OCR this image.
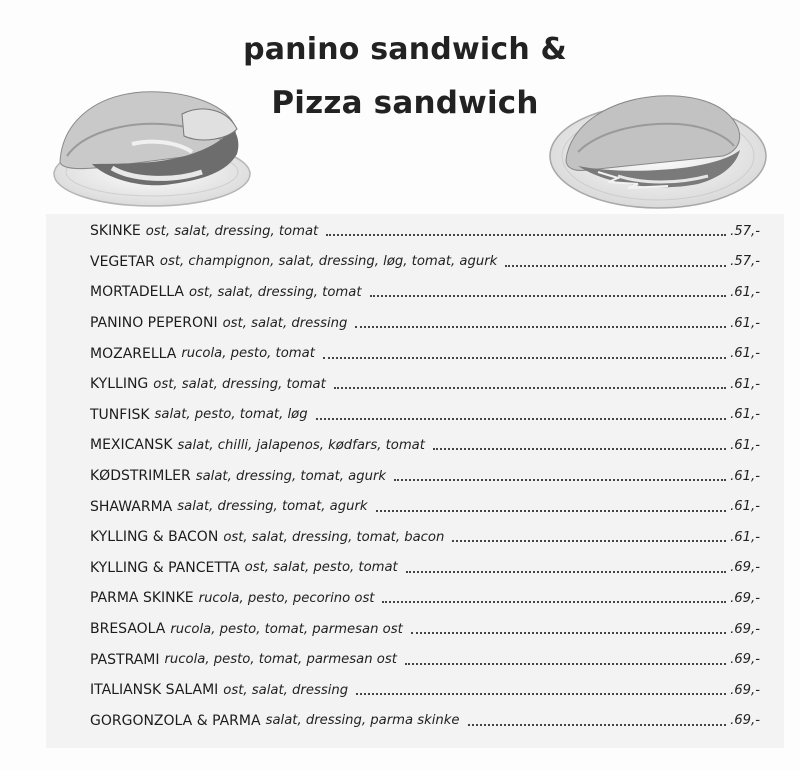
panino sandwich &
Pizza sandwich
SKINKE ost, salat, dressing, tomat	.57,-
VEGETAR ost, champignon, salat, dressing, løg, tomat, agurk	.57,-
MORTADELLA ost, salat, dressing, tomat	.61,-
PANINO PEPERONI ost, salat, dressing	.61,-
MOZARELLA rucola, pesto, tomat	.61,-
KYLLING ost, salat, dressing, tomat	.61,-
TUNFISK salat, pesto, tomat, løg	.61,-
MEXICANSK salat, chilli, jalapenos, kødfars, tomat	.61,-
KØDSTRIMLER salat, dressing, tomat, agurk	.61,-
SHAWARMA salat, dressing, tomat, agurk	.61,-
KYLLING & BACON ost, salat, dressing, tomat, bacon	.61,-
KYLLING & PANCETTA ost, salat, pesto, tomat	.69,-
PARMA SKINKE rucola, pesto, pecorino ost	.69,-
BRESAOLA rucola, pesto, tomat, parmesan ost	.69,-
PASTRAMI rucola, pesto, tomat, parmesan ost	.69,-
ITALIANSK SALAMI ost, salat, dressing	.69,-
GORGONZOLA & PARMA salat, dressing, parma skinke	.69,-
